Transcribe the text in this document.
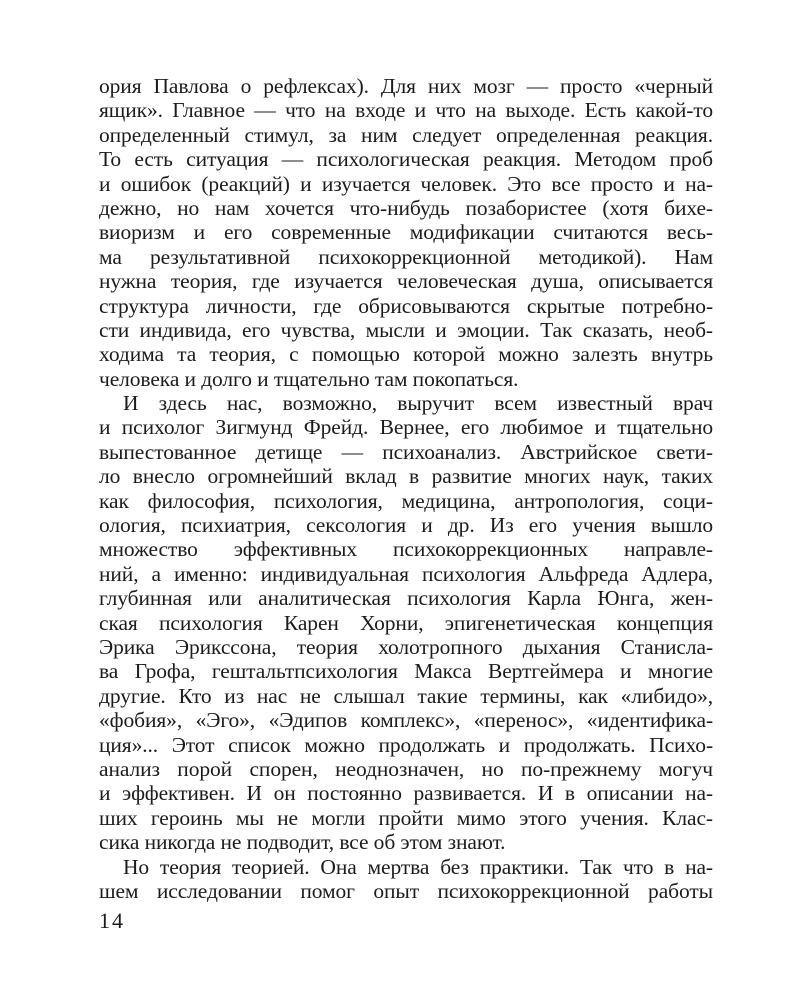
ория Павлова о рефлексах). Для них мозг — просто «черный
ящик». Главное — что на входе и что на выходе. Есть какой-то
определенный стимул, за ним следует определенная реакция.
То есть ситуация — психологическая реакция. Методом проб
и ошибок (реакций) и изучается человек. Это все просто и на-
дежно, но нам хочется что-нибудь позабористее (хотя бихе-
виоризм и его современные модификации считаются весь-
ма результативной психокоррекционной методикой). Нам
нужна теория, где изучается человеческая душа, описывается
структура личности, где обрисовываются скрытые потребно-
сти индивида, его чувства, мысли и эмоции. Так сказать, необ-
ходима та теория, с помощью которой можно залезть внутрь
человека и долго и тщательно там покопаться.
И здесь нас, возможно, выручит всем известный врач
и психолог Зигмунд Фрейд. Вернее, его любимое и тщательно
выпестованное детище — психоанализ. Австрийское свети-
ло внесло огромнейший вклад в развитие многих наук, таких
как философия, психология, медицина, антропология, соци-
ология, психиатрия, сексология и др. Из его учения вышло
множество эффективных психокоррекционных направле-
ний, а именно: индивидуальная психология Альфреда Адлера,
глубинная или аналитическая психология Карла Юнга, жен-
ская психология Карен Хорни, эпигенетическая концепция
Эрика Эриксcона, теория холотропного дыхания Станисла-
ва Грофа, гештальтпсихология Макса Вертгеймера и многие
другие. Кто из нас не слышал такие термины, как «либидо»,
«фобия», «Эго», «Эдипов комплекс», «перенос», «идентифика-
ция»... Этот список можно продолжать и продолжать. Психо-
анализ порой спорен, неоднозначен, но по-прежнему могуч
и эффективен. И он постоянно развивается. И в описании на-
ших героинь мы не могли пройти мимо этого учения. Клас-
сика никогда не подводит, все об этом знают.
Но теория теорией. Она мертва без практики. Так что в на-
шем исследовании помог опыт психокоррекционной работы
14
